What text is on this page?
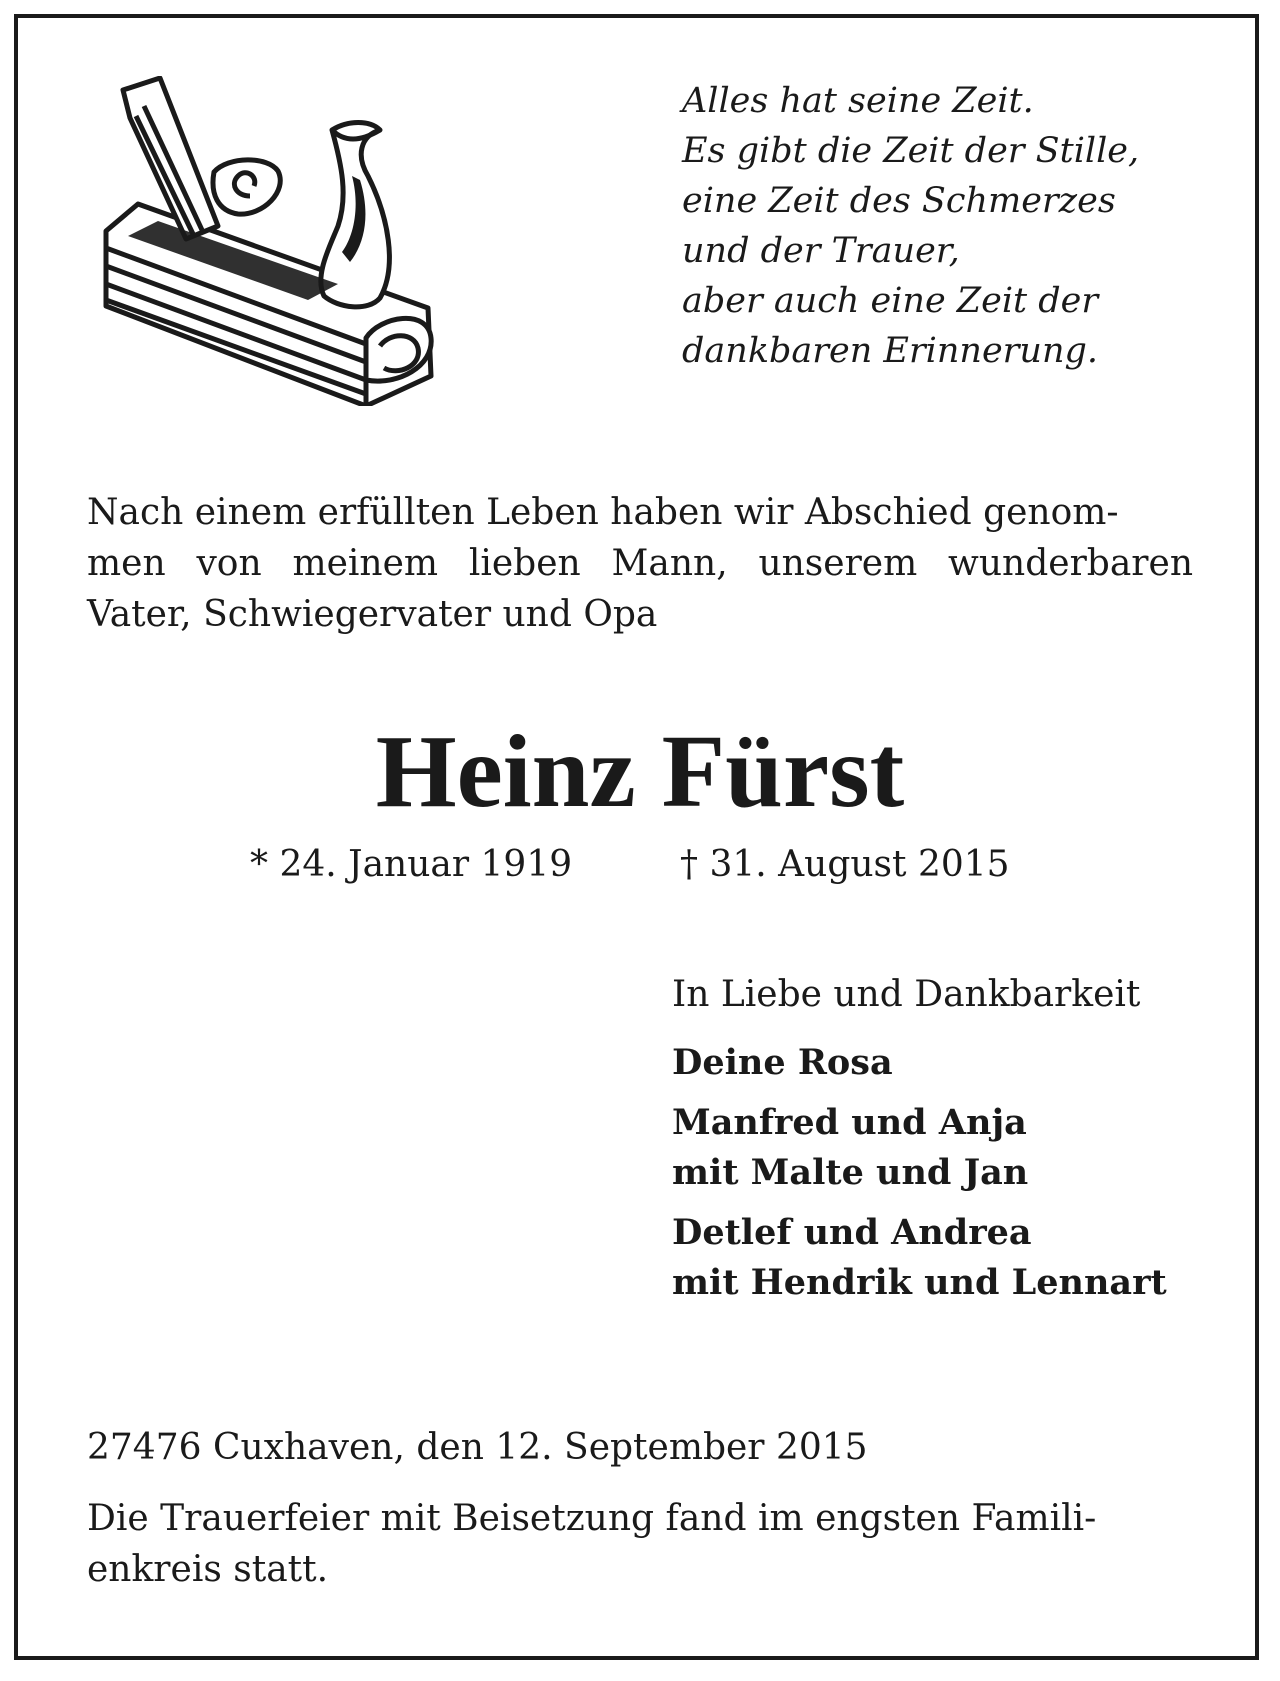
Alles hat seine Zeit.
Es gibt die Zeit der Stille,
eine Zeit des Schmerzes
und der Trauer,
aber auch eine Zeit der
dankbaren Erinnerung.
Nach einem erfüllten Leben haben wir Abschied genom-
men von meinem lieben Mann, unserem wunderbaren
Vater, Schwiegervater und Opa
Heinz Fürst
* 24. Januar 1919	† 31. August 2015
In Liebe und Dankbarkeit
Deine Rosa
Manfred und Anja
mit Malte und Jan
Detlef und Andrea
mit Hendrik und Lennart
27476 Cuxhaven, den 12. September 2015
Die Trauerfeier mit Beisetzung fand im engsten Famili-
enkreis statt.
